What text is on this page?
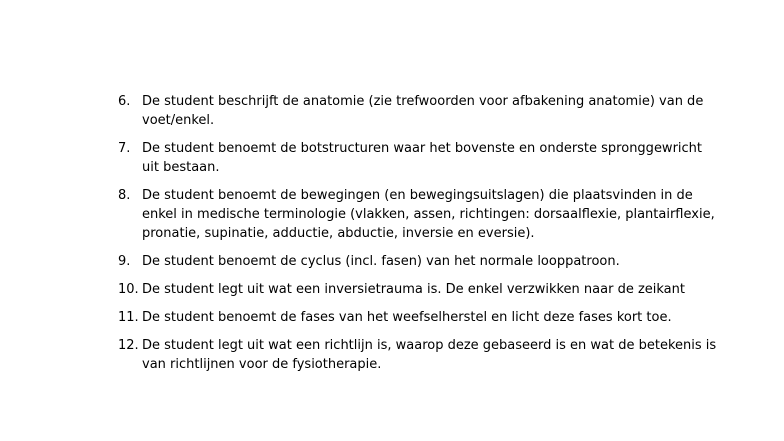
6. De student beschrijft de anatomie (zie trefwoorden voor afbakening anatomie) van de voet/enkel.
7. De student benoemt de botstructuren waar het bovenste en onderste spronggewricht uit bestaan.
8. De student benoemt de bewegingen (en bewegingsuitslagen) die plaatsvinden in de enkel in medische terminologie (vlakken, assen, richtingen: dorsaalflexie, plantairflexie, pronatie, supinatie, adductie, abductie, inversie en eversie).
9. De student benoemt de cyclus (incl. fasen) van het normale looppatroon.
10. De student legt uit wat een inversietrauma is. De enkel verzwikken naar de zeikant
11. De student benoemt de fases van het weefselherstel en licht deze fases kort toe.
12. De student legt uit wat een richtlijn is, waarop deze gebaseerd is en wat de betekenis is van richtlijnen voor de fysiotherapie.
